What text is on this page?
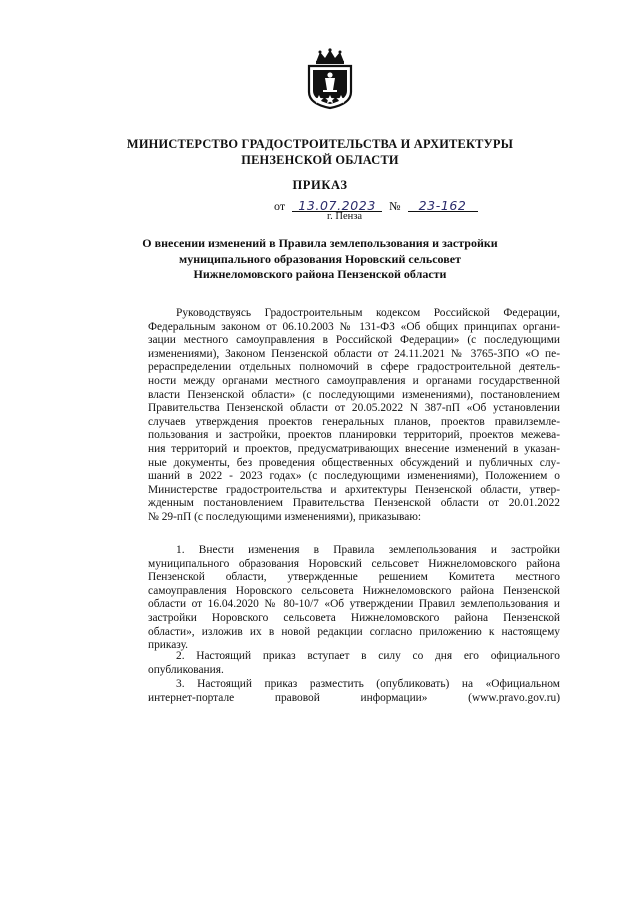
МИНИСТЕРСТВО ГРАДОСТРОИТЕЛЬСТВА И АРХИТЕКТУРЫ
ПЕНЗЕНСКОЙ ОБЛАСТИ
ПРИКАЗ
от 13.07.2023 № 23-162
г. Пенза
О внесении изменений в Правила землепользования и застройки
муниципального образования Норовский сельсовет
Нижнеломовского района Пензенской области
Руководствуясь Градостроительным кодексом Российской Федерации,
Федеральным законом от 06.10.2003 № 131-ФЗ «Об общих принципах органи-
зации местного самоуправления в Российской Федерации» (с последующими
изменениями), Законом Пензенской области от 24.11.2021 № 3765-ЗПО «О пе-
рераспределении отдельных полномочий в сфере градостроительной деятель-
ности между органами местного самоуправления и органами государственной
власти Пензенской области» (с последующими изменениями), постановлением
Правительства Пензенской области от 20.05.2022 N 387-пП «Об установлении
случаев утверждения проектов генеральных планов, проектов правилземле-
пользования и застройки, проектов планировки территорий, проектов межева-
ния территорий и проектов, предусматривающих внесение изменений в указан-
ные документы, без проведения общественных обсуждений и публичных слу-
шаний в 2022 - 2023 годах» (с последующими изменениями), Положением о
Министерстве градостроительства и архитектуры Пензенской области, утвер-
жденным постановлением Правительства Пензенской области от 20.01.2022
№ 29-пП (с последующими изменениями), приказываю:
1. Внести изменения в Правила землепользования и застройки
муниципального образования Норовский сельсовет Нижнеломовского района
Пензенской области, утвержденные решением Комитета местного
самоуправления Норовского сельсовета Нижнеломовского района Пензенской
области от 16.04.2020 № 80-10/7 «Об утверждении Правил землепользования и
застройки Норовского сельсовета Нижнеломовского района Пензенской
области», изложив их в новой редакции согласно приложению к настоящему
приказу.
2. Настоящий приказ вступает в силу со дня его официального
опубликования.
3. Настоящий приказ разместить (опубликовать) на «Официальном
интернет-портале правовой информации» (www.pravo.gov.ru)
